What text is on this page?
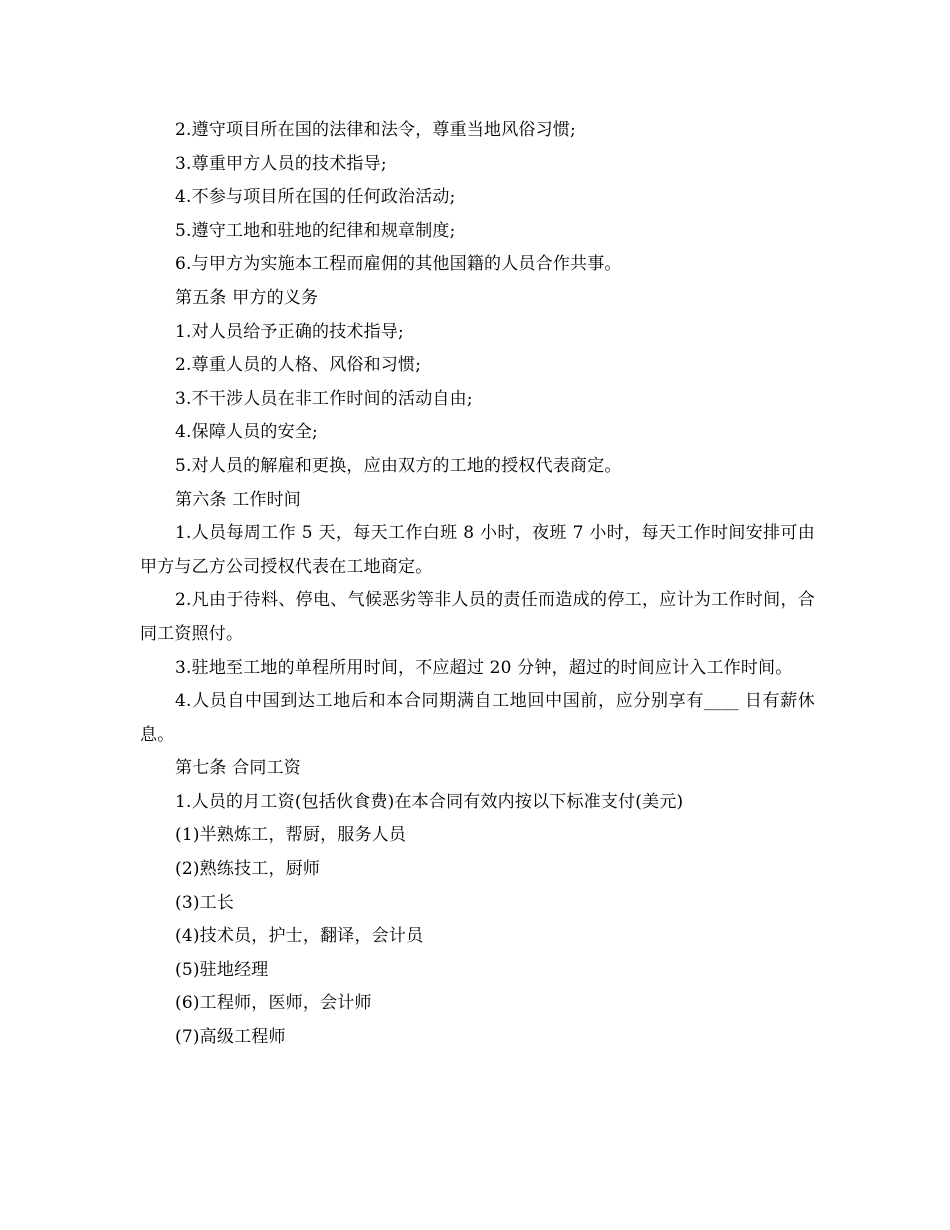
2.遵守项目所在国的法律和法令，尊重当地风俗习惯;
3.尊重甲方人员的技术指导;
4.不参与项目所在国的任何政治活动;
5.遵守工地和驻地的纪律和规章制度;
6.与甲方为实施本工程而雇佣的其他国籍的人员合作共事。
第五条 甲方的义务
1.对人员给予正确的技术指导;
2.尊重人员的人格、风俗和习惯;
3.不干涉人员在非工作时间的活动自由;
4.保障人员的安全;
5.对人员的解雇和更换，应由双方的工地的授权代表商定。
第六条 工作时间
1.人员每周工作 5 天，每天工作白班 8 小时，夜班 7 小时，每天工作时间安排可由甲方与乙方公司授权代表在工地商定。
2.凡由于待料、停电、气候恶劣等非人员的责任而造成的停工，应计为工作时间，合同工资照付。
3.驻地至工地的单程所用时间，不应超过 20 分钟，超过的时间应计入工作时间。
4.人员自中国到达工地后和本合同期满自工地回中国前，应分别享有____ 日有薪休息。
第七条 合同工资
1.人员的月工资(包括伙食费)在本合同有效内按以下标准支付(美元)
(1)半熟炼工，帮厨，服务人员
(2)熟练技工，厨师
(3)工长
(4)技术员，护士，翻译，会计员
(5)驻地经理
(6)工程师，医师，会计师
(7)高级工程师
